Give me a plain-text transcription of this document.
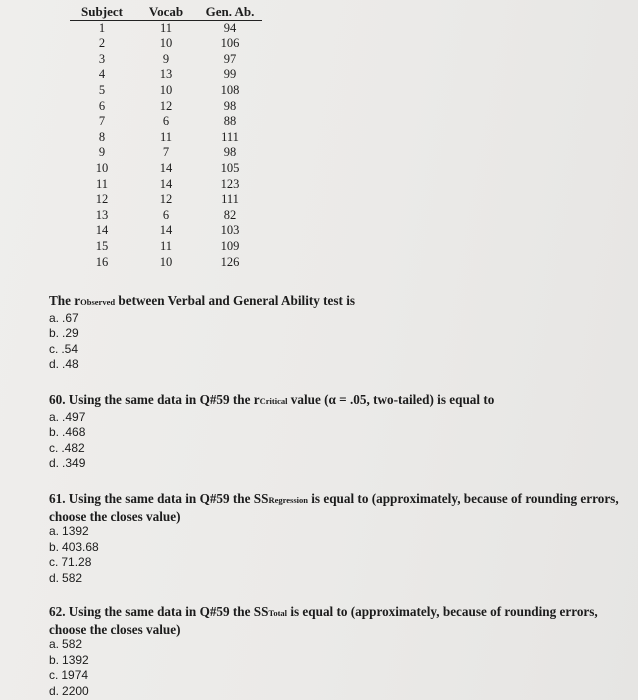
Subject	Vocab	Gen. Ab.
1	11	94
2	10	106
3	9	97
4	13	99
5	10	108
6	12	98
7	6	88
8	11	111
9	7	98
10	14	105
11	14	123
12	12	111
13	6	82
14	14	103
15	11	109
16	10	126
The rObserved between Verbal and General Ability test is
a. .67
b. .29
c. .54
d. .48
60. Using the same data in Q#59 the rCritical value (α = .05, two-tailed) is equal to
a. .497
b. .468
c. .482
d. .349
61. Using the same data in Q#59 the SSRegression is equal to (approximately, because of rounding errors, choose the closes value)
a. 1392
b. 403.68
c. 71.28
d. 582
62. Using the same data in Q#59 the SSTotal is equal to (approximately, because of rounding errors, choose the closes value)
a. 582
b. 1392
c. 1974
d. 2200
